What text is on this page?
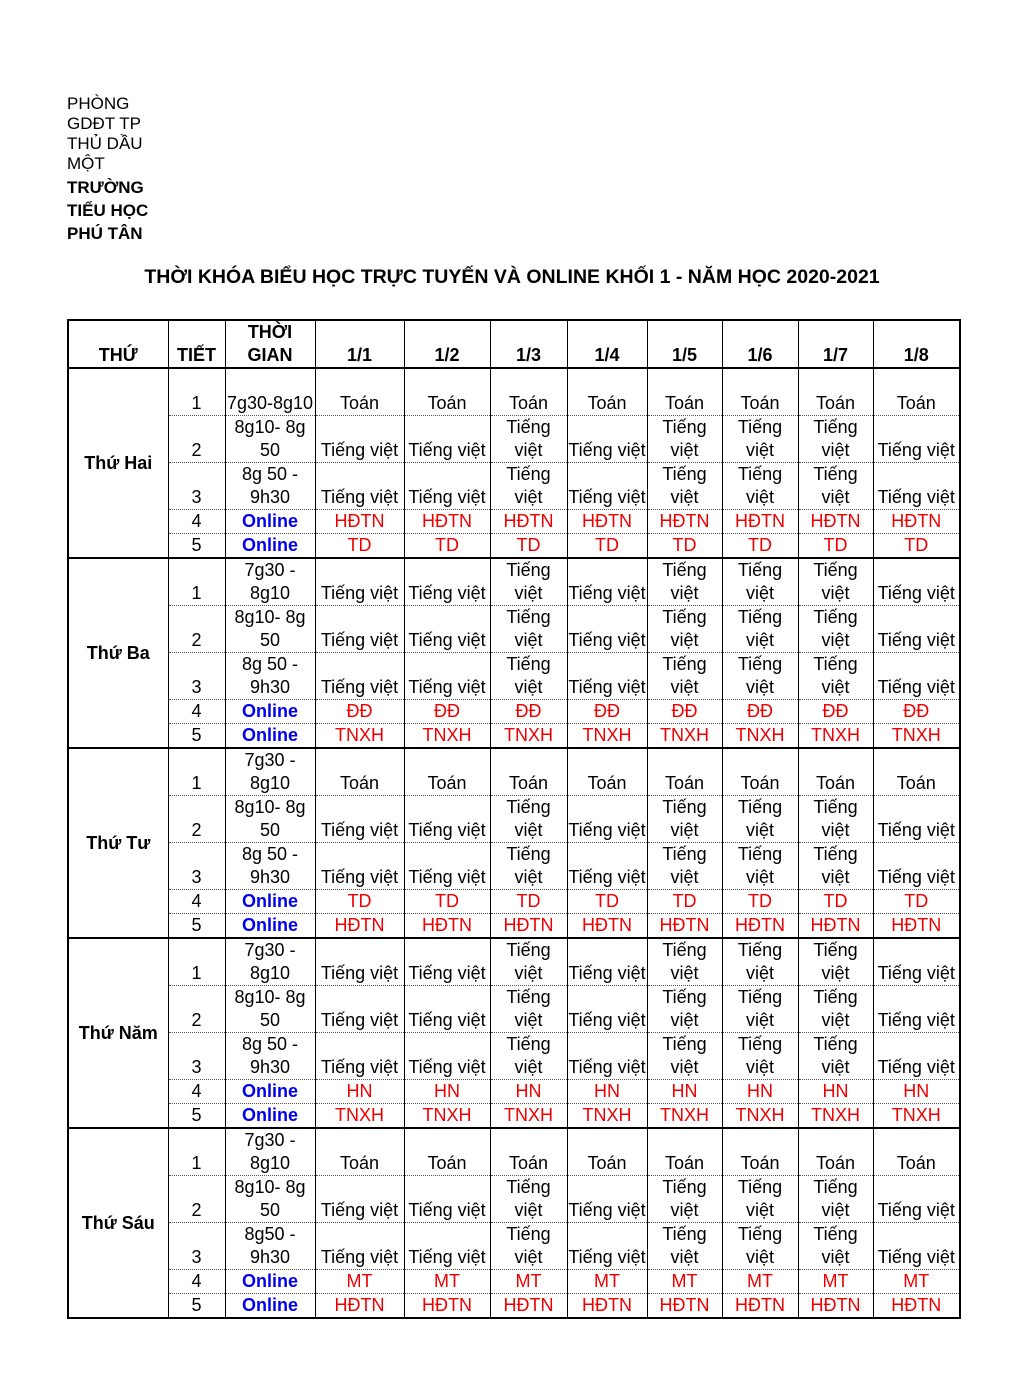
PHÒNG GDĐT TP THỦ DẦU MỘT
TRƯỜNG TIỂU HỌC PHÚ TÂN
THỜI KHÓA BIỂU HỌC TRỰC TUYẾN VÀ ONLINE KHỐI 1 - NĂM HỌC 2020-2021
THỨ	TIẾT	THỜI GIAN	1/1	1/2	1/3	1/4	1/5	1/6	1/7	1/8
Thứ Hai	1	7g30-8g10	Toán	Toán	Toán	Toán	Toán	Toán	Toán	Toán
	2	8g10- 8g 50	Tiếng việt	Tiếng việt	Tiếng việt	Tiếng việt	Tiếng việt	Tiếng việt	Tiếng việt	Tiếng việt
	3	8g 50 - 9h30	Tiếng việt	Tiếng việt	Tiếng việt	Tiếng việt	Tiếng việt	Tiếng việt	Tiếng việt	Tiếng việt
	4	Online	HĐTN	HĐTN	HĐTN	HĐTN	HĐTN	HĐTN	HĐTN	HĐTN
	5	Online	TD	TD	TD	TD	TD	TD	TD	TD
Thứ Ba	1	7g30 - 8g10	Tiếng việt	Tiếng việt	Tiếng việt	Tiếng việt	Tiếng việt	Tiếng việt	Tiếng việt	Tiếng việt
	2	8g10- 8g 50	Tiếng việt	Tiếng việt	Tiếng việt	Tiếng việt	Tiếng việt	Tiếng việt	Tiếng việt	Tiếng việt
	3	8g 50 - 9h30	Tiếng việt	Tiếng việt	Tiếng việt	Tiếng việt	Tiếng việt	Tiếng việt	Tiếng việt	Tiếng việt
	4	Online	ĐĐ	ĐĐ	ĐĐ	ĐĐ	ĐĐ	ĐĐ	ĐĐ	ĐĐ
	5	Online	TNXH	TNXH	TNXH	TNXH	TNXH	TNXH	TNXH	TNXH
Thứ Tư	1	7g30 - 8g10	Toán	Toán	Toán	Toán	Toán	Toán	Toán	Toán
	2	8g10- 8g 50	Tiếng việt	Tiếng việt	Tiếng việt	Tiếng việt	Tiếng việt	Tiếng việt	Tiếng việt	Tiếng việt
	3	8g 50 - 9h30	Tiếng việt	Tiếng việt	Tiếng việt	Tiếng việt	Tiếng việt	Tiếng việt	Tiếng việt	Tiếng việt
	4	Online	TD	TD	TD	TD	TD	TD	TD	TD
	5	Online	HĐTN	HĐTN	HĐTN	HĐTN	HĐTN	HĐTN	HĐTN	HĐTN
Thứ Năm	1	7g30 - 8g10	Tiếng việt	Tiếng việt	Tiếng việt	Tiếng việt	Tiếng việt	Tiếng việt	Tiếng việt	Tiếng việt
	2	8g10- 8g 50	Tiếng việt	Tiếng việt	Tiếng việt	Tiếng việt	Tiếng việt	Tiếng việt	Tiếng việt	Tiếng việt
	3	8g 50 - 9h30	Tiếng việt	Tiếng việt	Tiếng việt	Tiếng việt	Tiếng việt	Tiếng việt	Tiếng việt	Tiếng việt
	4	Online	HN	HN	HN	HN	HN	HN	HN	HN
	5	Online	TNXH	TNXH	TNXH	TNXH	TNXH	TNXH	TNXH	TNXH
Thứ Sáu	1	7g30 - 8g10	Toán	Toán	Toán	Toán	Toán	Toán	Toán	Toán
	2	8g10- 8g 50	Tiếng việt	Tiếng việt	Tiếng việt	Tiếng việt	Tiếng việt	Tiếng việt	Tiếng việt	Tiếng việt
	3	8g50 - 9h30	Tiếng việt	Tiếng việt	Tiếng việt	Tiếng việt	Tiếng việt	Tiếng việt	Tiếng việt	Tiếng việt
	4	Online	MT	MT	MT	MT	MT	MT	MT	MT
	5	Online	HĐTN	HĐTN	HĐTN	HĐTN	HĐTN	HĐTN	HĐTN	HĐTN
